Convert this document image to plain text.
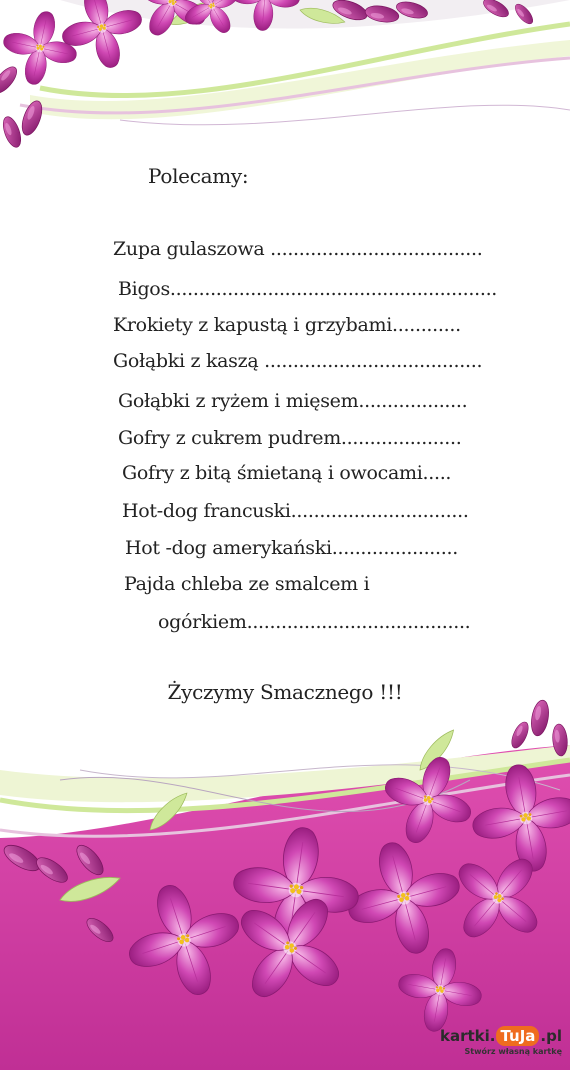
Polecamy:
Zupa gulaszowa .....................................
Bigos.........................................................
Krokiety z kapustą i grzybami............
Gołąbki z kaszą ......................................
Gołąbki z ryżem i mięsem...................
Gofry z cukrem pudrem.....................
Gofry z bitą śmietaną i owocami.....
Hot-dog francuski...............................
Hot -dog amerykański......................
Pajda chleba ze smalcem i
ogórkiem.......................................
Życzymy Smacznego !!!
kartki. TuJa .pl
Stwórz własną kartkę
